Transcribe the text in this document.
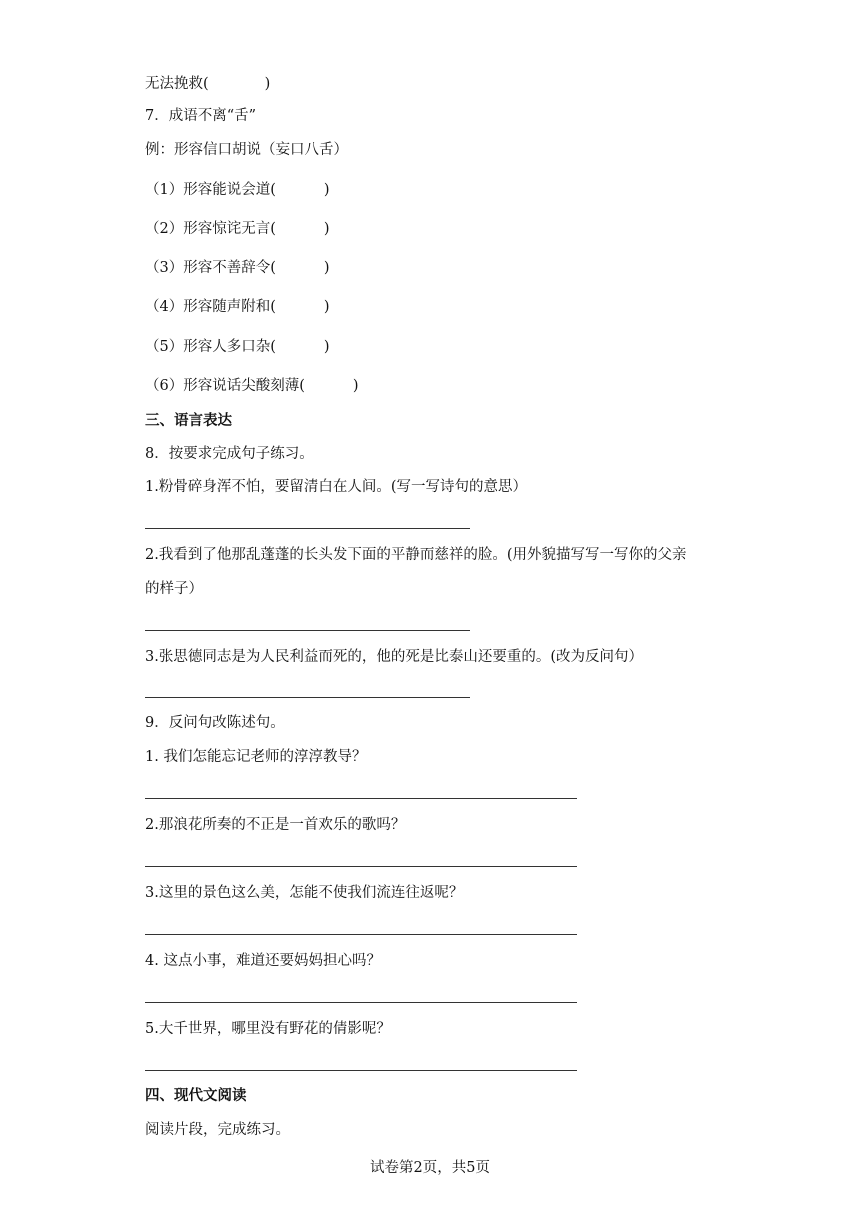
无法挽救(	)
7．成语不离“舌”
例：形容信口胡说（妄口八舌）
（1）形容能说会道(	)
（2）形容惊诧无言(	)
（3）形容不善辞令(	)
（4）形容随声附和(	)
（5）形容人多口杂(	)
（6）形容说话尖酸刻薄(	)
三、语言表达
8．按要求完成句子练习。
1.粉骨碎身浑不怕，要留清白在人间。(写一写诗句的意思）
2.我看到了他那乱蓬蓬的长头发下面的平静而慈祥的脸。(用外貌描写写一写你的父亲
的样子）
3.张思德同志是为人民利益而死的，他的死是比泰山还要重的。(改为反问句）
9．反问句改陈述句。
1. 我们怎能忘记老师的淳淳教导？
2.那浪花所奏的不正是一首欢乐的歌吗？
3.这里的景色这么美，怎能不使我们流连往返呢？
4. 这点小事，难道还要妈妈担心吗？
5.大千世界，哪里没有野花的倩影呢？
四、现代文阅读
阅读片段，完成练习。
试卷第2页，共5页
